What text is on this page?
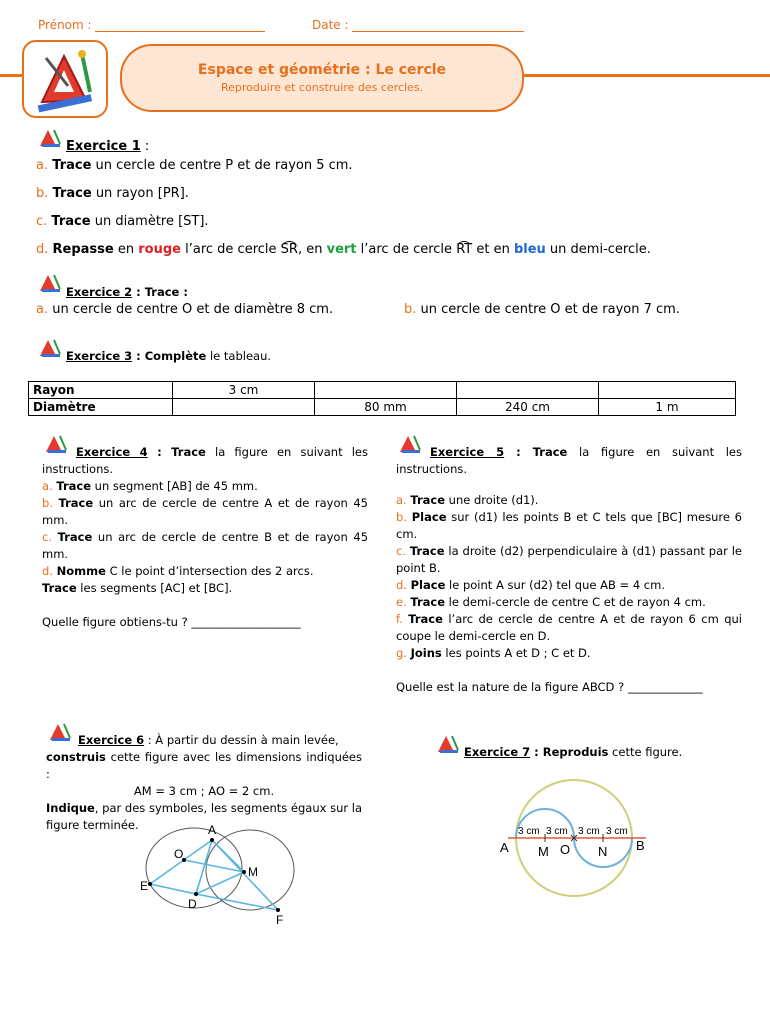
Prénom :	Date :
Espace et géométrie : Le cercle
Reproduire et construire des cercles.
Exercice 1 :
a. Trace un cercle de centre P et de rayon 5 cm.
b. Trace un rayon [PR].
c. Trace un diamètre [ST].
d. Repasse en rouge l’arc de cercle SR, en vert l’arc de cercle RT et en bleu un demi-cercle.
Exercice 2 : Trace :
a. un cercle de centre O et de diamètre 8 cm.	b. un cercle de centre O et de rayon 7 cm.
Exercice 3 : Complète le tableau.
Rayon	3 cm			
Diamètre		80 mm	240 cm	1 m
Exercice 4 : Trace la figure en suivant les instructions.
a. Trace un segment [AB] de 45 mm.
b. Trace un arc de cercle de centre A et de rayon 45 mm.
c. Trace un arc de cercle de centre B et de rayon 45 mm.
d. Nomme C le point d’intersection des 2 arcs.
Trace les segments [AC] et [BC].
Quelle figure obtiens-tu ? ___________________
Exercice 5 : Trace la figure en suivant les instructions.
a. Trace une droite (d1).
b. Place sur (d1) les points B et C tels que [BC] mesure 6 cm.
c. Trace la droite (d2) perpendiculaire à (d1) passant par le point B.
d. Place le point A sur (d2) tel que AB = 4 cm.
e. Trace le demi-cercle de centre C et de rayon 4 cm.
f. Trace l’arc de cercle de centre A et de rayon 6 cm qui coupe le demi-cercle en D.
g. Joins les points A et D ; C et D.
Quelle est la nature de la figure ABCD ? _____________
Exercice 6 : À partir du dessin à main levée,
construis cette figure avec les dimensions indiquées :
AM = 3 cm ; AO = 2 cm.
Indique, par des symboles, les segments égaux sur la figure terminée.	A
O
M
E
D
F
Exercice 7 : Reproduis cette figure.
3 cm 3 cm 3 cm 3 cm
A M O N B
